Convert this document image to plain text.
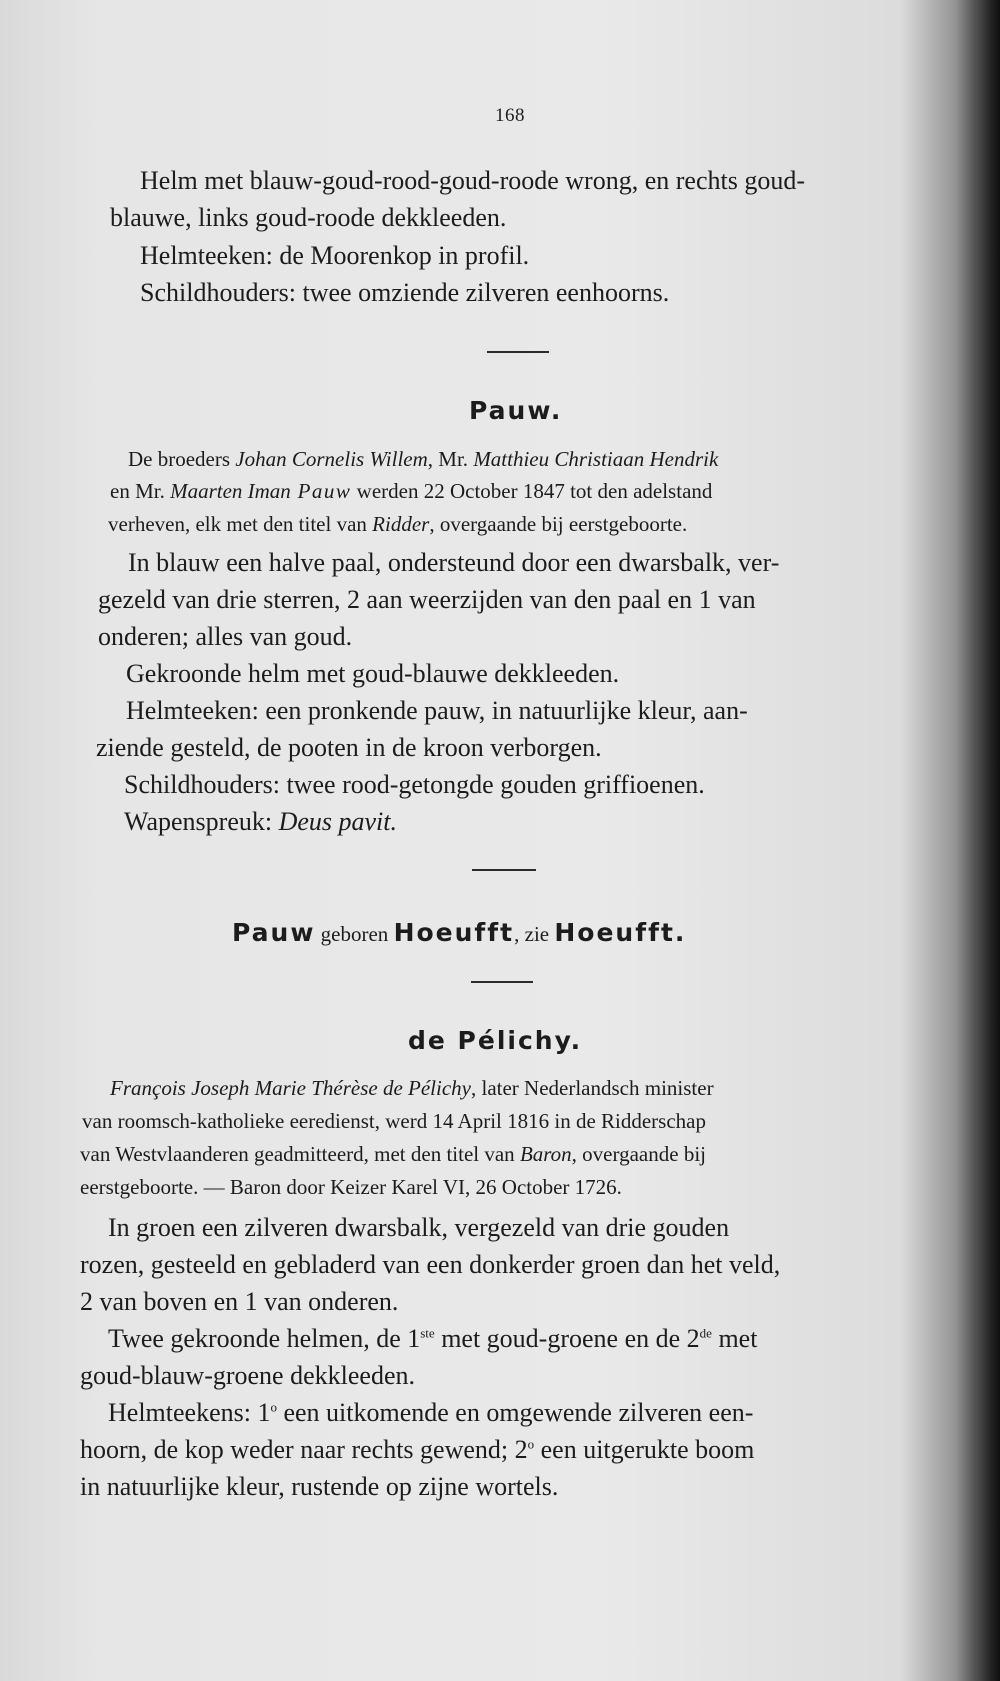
168
Helm met blauw-goud-rood-goud-roode wrong, en rechts goud-
blauwe, links goud-roode dekkleeden.
Helmteeken: de Moorenkop in profil.
Schildhouders: twee omziende zilveren eenhoorns.
Pauw.
De broeders Johan Cornelis Willem, Mr. Matthieu Christiaan Hendrik
en Mr. Maarten Iman Pauw werden 22 October 1847 tot den adelstand
verheven, elk met den titel van Ridder, overgaande bij eerstgeboorte.
In blauw een halve paal, ondersteund door een dwarsbalk, ver-
gezeld van drie sterren, 2 aan weerzijden van den paal en 1 van
onderen; alles van goud.
Gekroonde helm met goud-blauwe dekkleeden.
Helmteeken: een pronkende pauw, in natuurlijke kleur, aan-
ziende gesteld, de pooten in de kroon verborgen.
Schildhouders: twee rood-getongde gouden griffioenen.
Wapenspreuk: Deus pavit.
Pauw geboren Hoeufft, zie Hoeufft.
de Pélichy.
François Joseph Marie Thérèse de Pélichy, later Nederlandsch minister
van roomsch-katholieke eeredienst, werd 14 April 1816 in de Ridderschap
van Westvlaanderen geadmitteerd, met den titel van Baron, overgaande bij
eerstgeboorte. — Baron door Keizer Karel VI, 26 October 1726.
In groen een zilveren dwarsbalk, vergezeld van drie gouden
rozen, gesteeld en gebladerd van een donkerder groen dan het veld,
2 van boven en 1 van onderen.
Twee gekroonde helmen, de 1ste met goud-groene en de 2de met
goud-blauw-groene dekkleeden.
Helmteekens: 1$^o$ een uitkomende en omgewende zilveren een-
hoorn, de kop weder naar rechts gewend; 2$^o$ een uitgerukte boom
in natuurlijke kleur, rustende op zijne wortels.
